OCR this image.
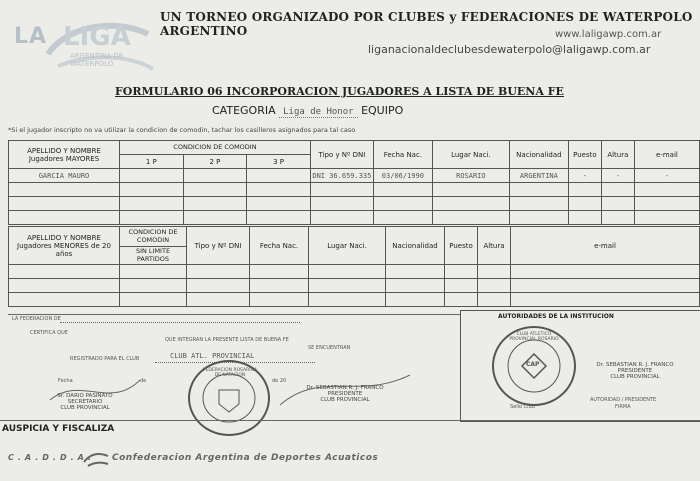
LA LIGA
ARGENTINA DE WATERPOLO
UN TORNEO ORGANIZADO POR CLUBES y FEDERACIONES DE WATERPOLO ARGENTINO	www.laligawp.com.ar
liganacionaldeclubesdewaterpolo@laligawp.com.ar
FORMULARIO 06 INCORPORACION JUGADORES A LISTA DE BUENA FE
CATEGORIA Liga de Honor EQUIPO
*Si el jugador inscripto no va utilizar la condicion de comodin, tachar los casilleros asignados para tal caso
APELLIDO Y NOMBRE Jugadores MAYORES	CONDICION DE COMODIN			Tipo y Nº DNI	Fecha Nac.	Lugar Naci.	Nacionalidad	Puesto	Altura	e-mail
	1 P	2 P	3 P							
GARCIA MAURO				DNI 36.659.335	03/06/1990	ROSARIO	ARGENTINA	-	-	-

APELLIDO Y NOMBRE Jugadores MENORES de 20 años	CONDICION DE COMODIN
SIN LIMITE PARTIDOS	Tipo y Nº DNI	Fecha Nac.	Lugar Naci.	Nacionalidad	Puesto	Altura	e-mail

LA FEDERACION DE
CERTIFICA QUE
QUE INTEGRAN LA PRESENTE LISTA DE BUENA FE
SE ENCUENTRAN
REGISTRADO PARA EL CLUB	CLUB ATL. PROVINCIAL
Fecha	de	de 20
Sr. DARIO PASINATO
SECRETARIO
CLUB PROVINCIAL
Dr. SEBASTIAN R. J. FRANCO
PRESIDENTE
CLUB PROVINCIAL
FEDERACION ROSARINA DE NATACION
AUTORIDADES DE LA INSTITUCION
CAP
CLUB ATLETICO PROVINCIAL ROSARIO
Dr. SEBASTIAN R. J. FRANCO
PRESIDENTE
CLUB PROVINCIAL
Sello Club
AUTORIDAD / PRESIDENTE
FIRMA
AUSPICIA Y FISCALIZA
C.A.D.D.A. Confederacion Argentina de Deportes Acuaticos
